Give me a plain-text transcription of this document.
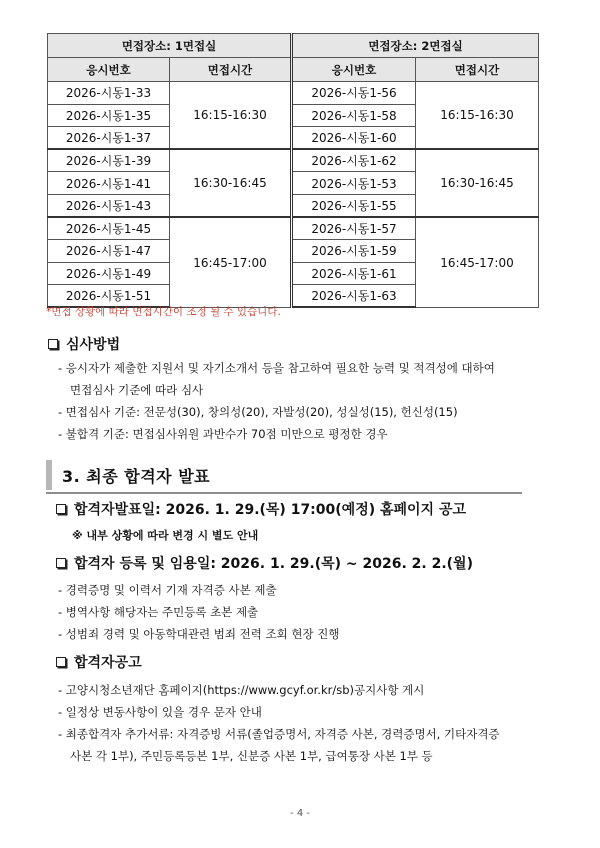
면접장소: 1면접실		면접장소: 2면접실	
응시번호	면접시간	응시번호	면접시간
2026-시동1-33	16:15-16:30	2026-시동1-56	16:15-16:30
2026-시동1-35		2026-시동1-58	
2026-시동1-37		2026-시동1-60	
2026-시동1-39	16:30-16:45	2026-시동1-62	16:30-16:45
2026-시동1-41		2026-시동1-53	
2026-시동1-43		2026-시동1-55	
2026-시동1-45	16:45-17:00	2026-시동1-57	16:45-17:00
2026-시동1-47		2026-시동1-59	
2026-시동1-49		2026-시동1-61	
2026-시동1-51		2026-시동1-63	
*면접 상황에 따라 면접시간이 조정 될 수 있습니다.
심사방법
- 응시자가 제출한 지원서 및 자기소개서 등을 참고하여 필요한 능력 및 적격성에 대하여
면접심사 기준에 따라 심사
- 면접심사 기준: 전문성(30), 창의성(20), 자발성(20), 성실성(15), 헌신성(15)
- 불합격 기준: 면접심사위원 과반수가 70점 미만으로 평정한 경우
3. 최종 합격자 발표
합격자발표일: 2026. 1. 29.(목) 17:00(예정) 홈페이지 공고
※ 내부 상황에 따라 변경 시 별도 안내
합격자 등록 및 임용일: 2026. 1. 29.(목) ~ 2026. 2. 2.(월)
- 경력증명 및 이력서 기재 자격증 사본 제출
- 병역사항 해당자는 주민등록 초본 제출
- 성범죄 경력 및 아동학대관련 범죄 전력 조회 현장 진행
합격자공고
- 고양시청소년재단 홈페이지(https://www.gcyf.or.kr/sb)공지사항 게시
- 일정상 변동사항이 있을 경우 문자 안내
- 최종합격자 추가서류: 자격증빙 서류(졸업증명서, 자격증 사본, 경력증명서, 기타자격증
사본 각 1부), 주민등록등본 1부, 신분증 사본 1부, 급여통장 사본 1부 등
- 4 -
